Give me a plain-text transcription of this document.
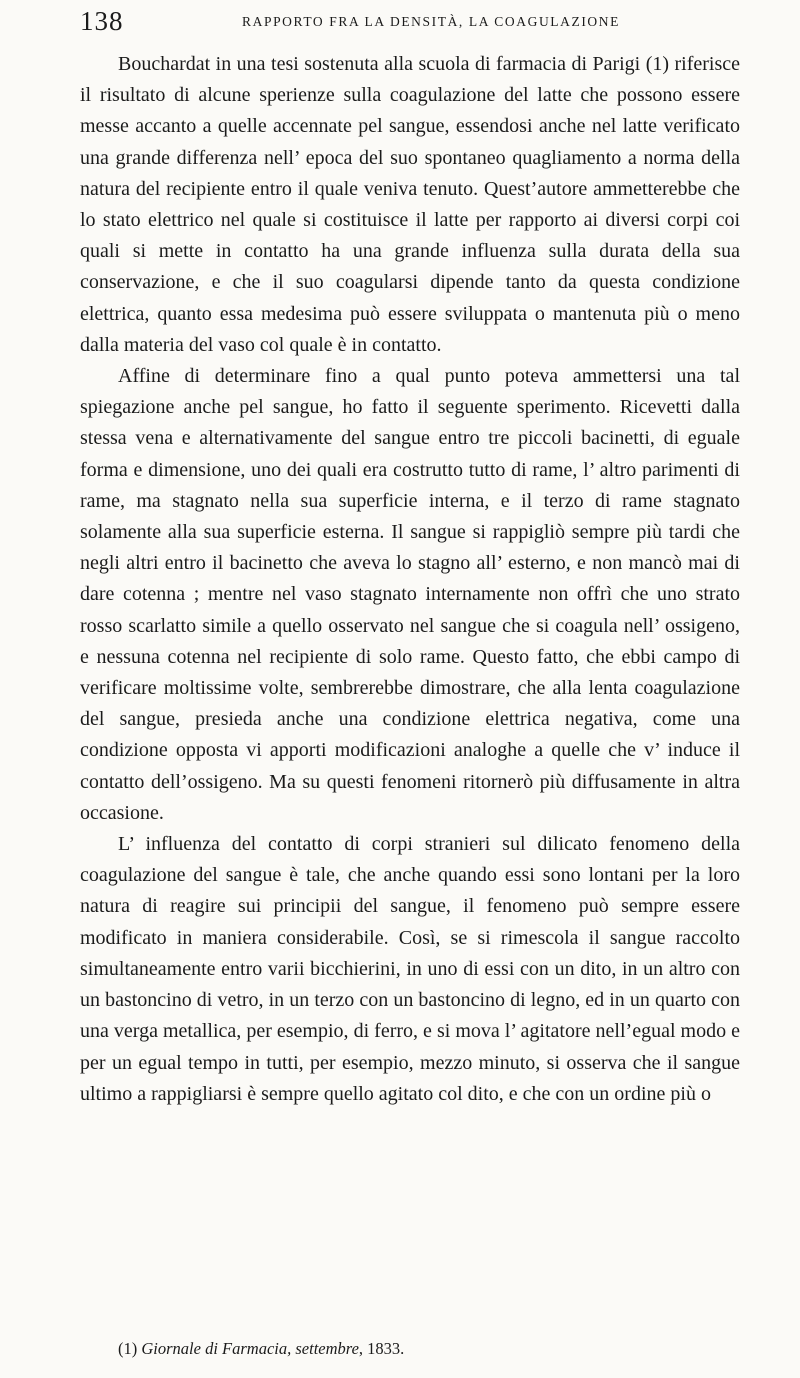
138	RAPPORTO FRA LA DENSITÀ, LA COAGULAZIONE

Bouchardat in una tesi sostenuta alla scuola di farmacia di Parigi (1) riferisce il risultato di alcune sperienze sulla coagulazione del latte che possono essere messe accanto a quelle accennate pel sangue, essendosi anche nel latte verificato una grande differenza nell’ epoca del suo spontaneo quagliamento a norma della natura del recipiente entro il quale veniva tenuto. Quest’autore ammetterebbe che lo stato elettrico nel quale si costituisce il latte per rapporto ai diversi corpi coi quali si mette in contatto ha una grande influenza sulla durata della sua conservazione, e che il suo coagularsi dipende tanto da questa condizione elettrica, quanto essa medesima può essere sviluppata o mantenuta più o meno dalla materia del vaso col quale è in contatto.

Affine di determinare fino a qual punto poteva ammettersi una tal spiegazione anche pel sangue, ho fatto il seguente sperimento. Ricevetti dalla stessa vena e alternativamente del sangue entro tre piccoli bacinetti, di eguale forma e dimensione, uno dei quali era costrutto tutto di rame, l’ altro parimenti di rame, ma stagnato nella sua superficie interna, e il terzo di rame stagnato solamente alla sua superficie esterna. Il sangue si rappigliò sempre più tardi che negli altri entro il bacinetto che aveva lo stagno all’ esterno, e non mancò mai di dare cotenna ; mentre nel vaso stagnato internamente non offrì che uno strato rosso scarlatto simile a quello osservato nel sangue che si coagula nell’ ossigeno, e nessuna cotenna nel recipiente di solo rame. Questo fatto, che ebbi campo di verificare moltissime volte, sembrerebbe dimostrare, che alla lenta coagulazione del sangue, presieda anche una condizione elettrica negativa, come una condizione opposta vi apporti modificazioni analoghe a quelle che v’ induce il contatto dell’ossigeno. Ma su questi fenomeni ritornerò più diffusamente in altra occasione.

L’ influenza del contatto di corpi stranieri sul dilicato fenomeno della coagulazione del sangue è tale, che anche quando essi sono lontani per la loro natura di reagire sui principii del sangue, il fenomeno può sempre essere modificato in maniera considerabile. Così, se si rimescola il sangue raccolto simultaneamente entro varii bicchierini, in uno di essi con un dito, in un altro con un bastoncino di vetro, in un terzo con un bastoncino di legno, ed in un quarto con una verga metallica, per esempio, di ferro, e si mova l’ agitatore nell’egual modo e per un egual tempo in tutti, per esempio, mezzo minuto, si osserva che il sangue ultimo a rappigliarsi è sempre quello agitato col dito, e che con un ordine più o

(1) Giornale di Farmacia, settembre, 1833.
